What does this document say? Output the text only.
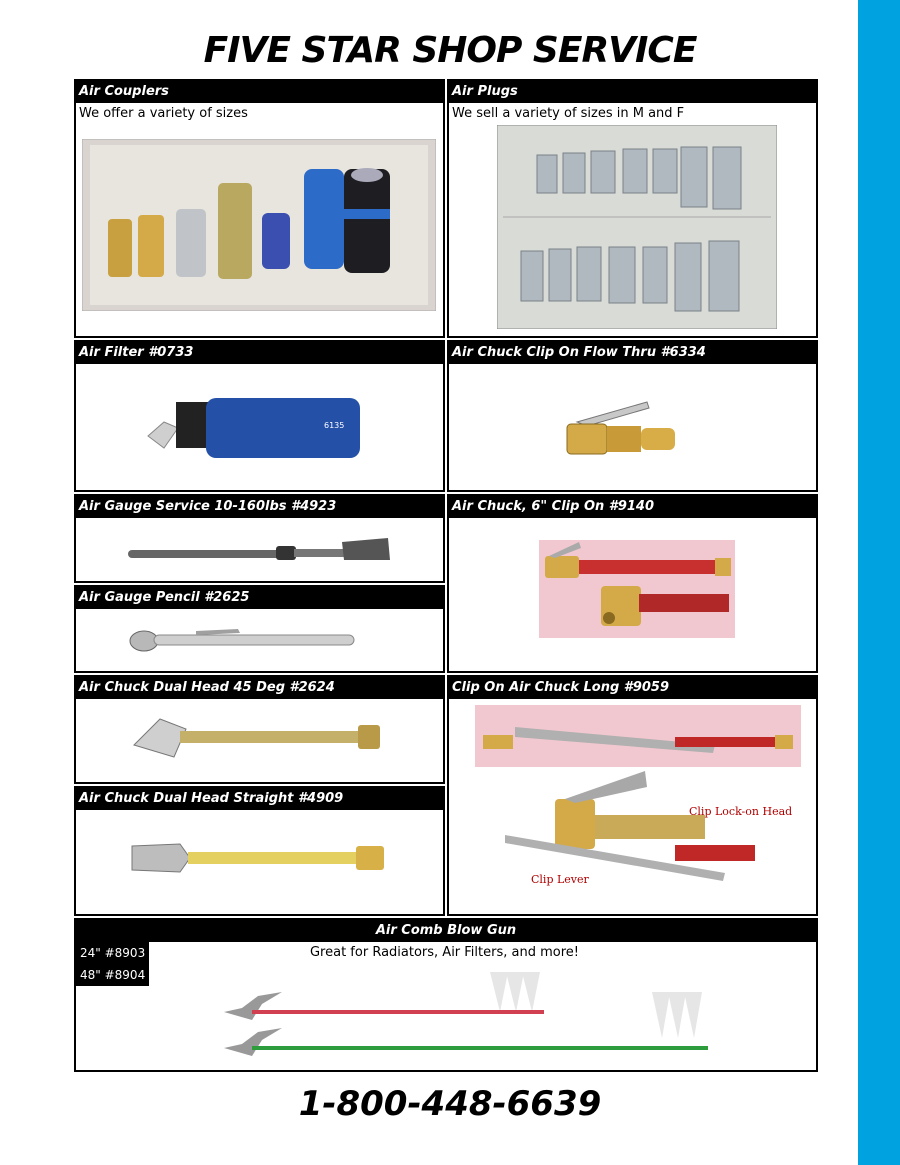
FIVE STAR SHOP SERVICE
Air Couplers
We offer a variety of sizes
Air Plugs
We sell a variety of sizes in M and F
Air Filter #0733
6135
Air Chuck Clip On Flow Thru #6334
Air Gauge Service 10-160lbs #4923
Air Gauge Pencil #2625
Air Chuck, 6" Clip On #9140
Air Chuck Dual Head 45 Deg #2624
Air Chuck Dual Head Straight #4909
Clip On Air Chuck Long #9059
Clip Lock-on Head
Clip Lever
Air Comb Blow Gun
Great for Radiators, Air Filters, and more!
24" #8903
48" #8904
1-800-448-6639
